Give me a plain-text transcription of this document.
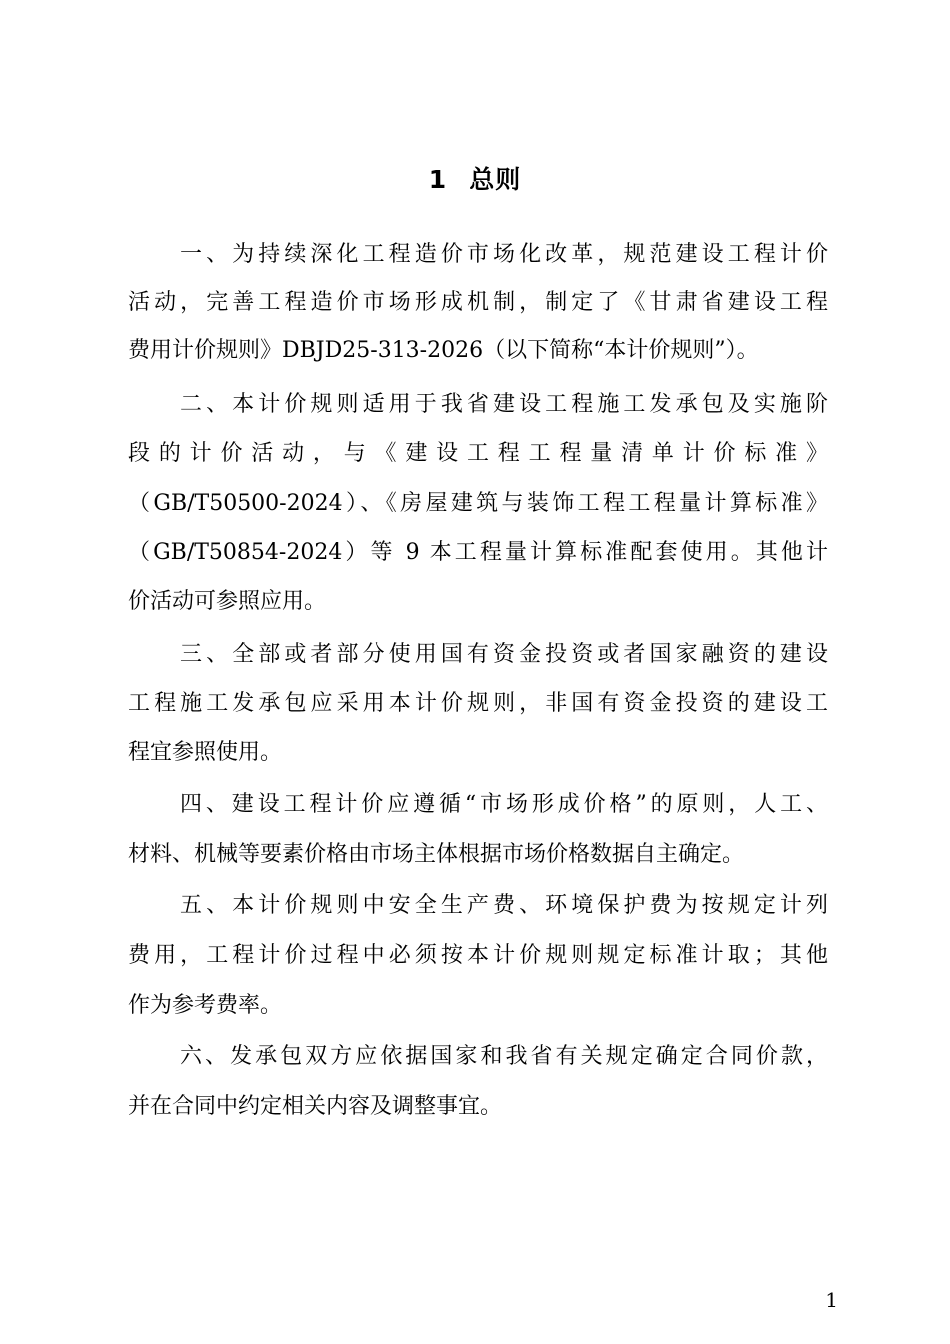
1 总则
一、为持续深化工程造价市场化改革，规范建设工程计价
活动，完善工程造价市场形成机制，制定了《甘肃省建设工程
费用计价规则》DBJD25-313-2026（以下简称“本计价规则”）。
二、本计价规则适用于我省建设工程施工发承包及实施阶
段的计价活动，与《建设工程工程量清单计价标准》
（GB/T50500-2024）、《房屋建筑与装饰工程工程量计算标准》
（GB/T50854-2024）等 9 本工程量计算标准配套使用。其他计
价活动可参照应用。
三、全部或者部分使用国有资金投资或者国家融资的建设
工程施工发承包应采用本计价规则，非国有资金投资的建设工
程宜参照使用。
四、建设工程计价应遵循“市场形成价格”的原则，人工、
材料、机械等要素价格由市场主体根据市场价格数据自主确定。
五、本计价规则中安全生产费、环境保护费为按规定计列
费用，工程计价过程中必须按本计价规则规定标准计取；其他
作为参考费率。
六、发承包双方应依据国家和我省有关规定确定合同价款，
并在合同中约定相关内容及调整事宜。
1
